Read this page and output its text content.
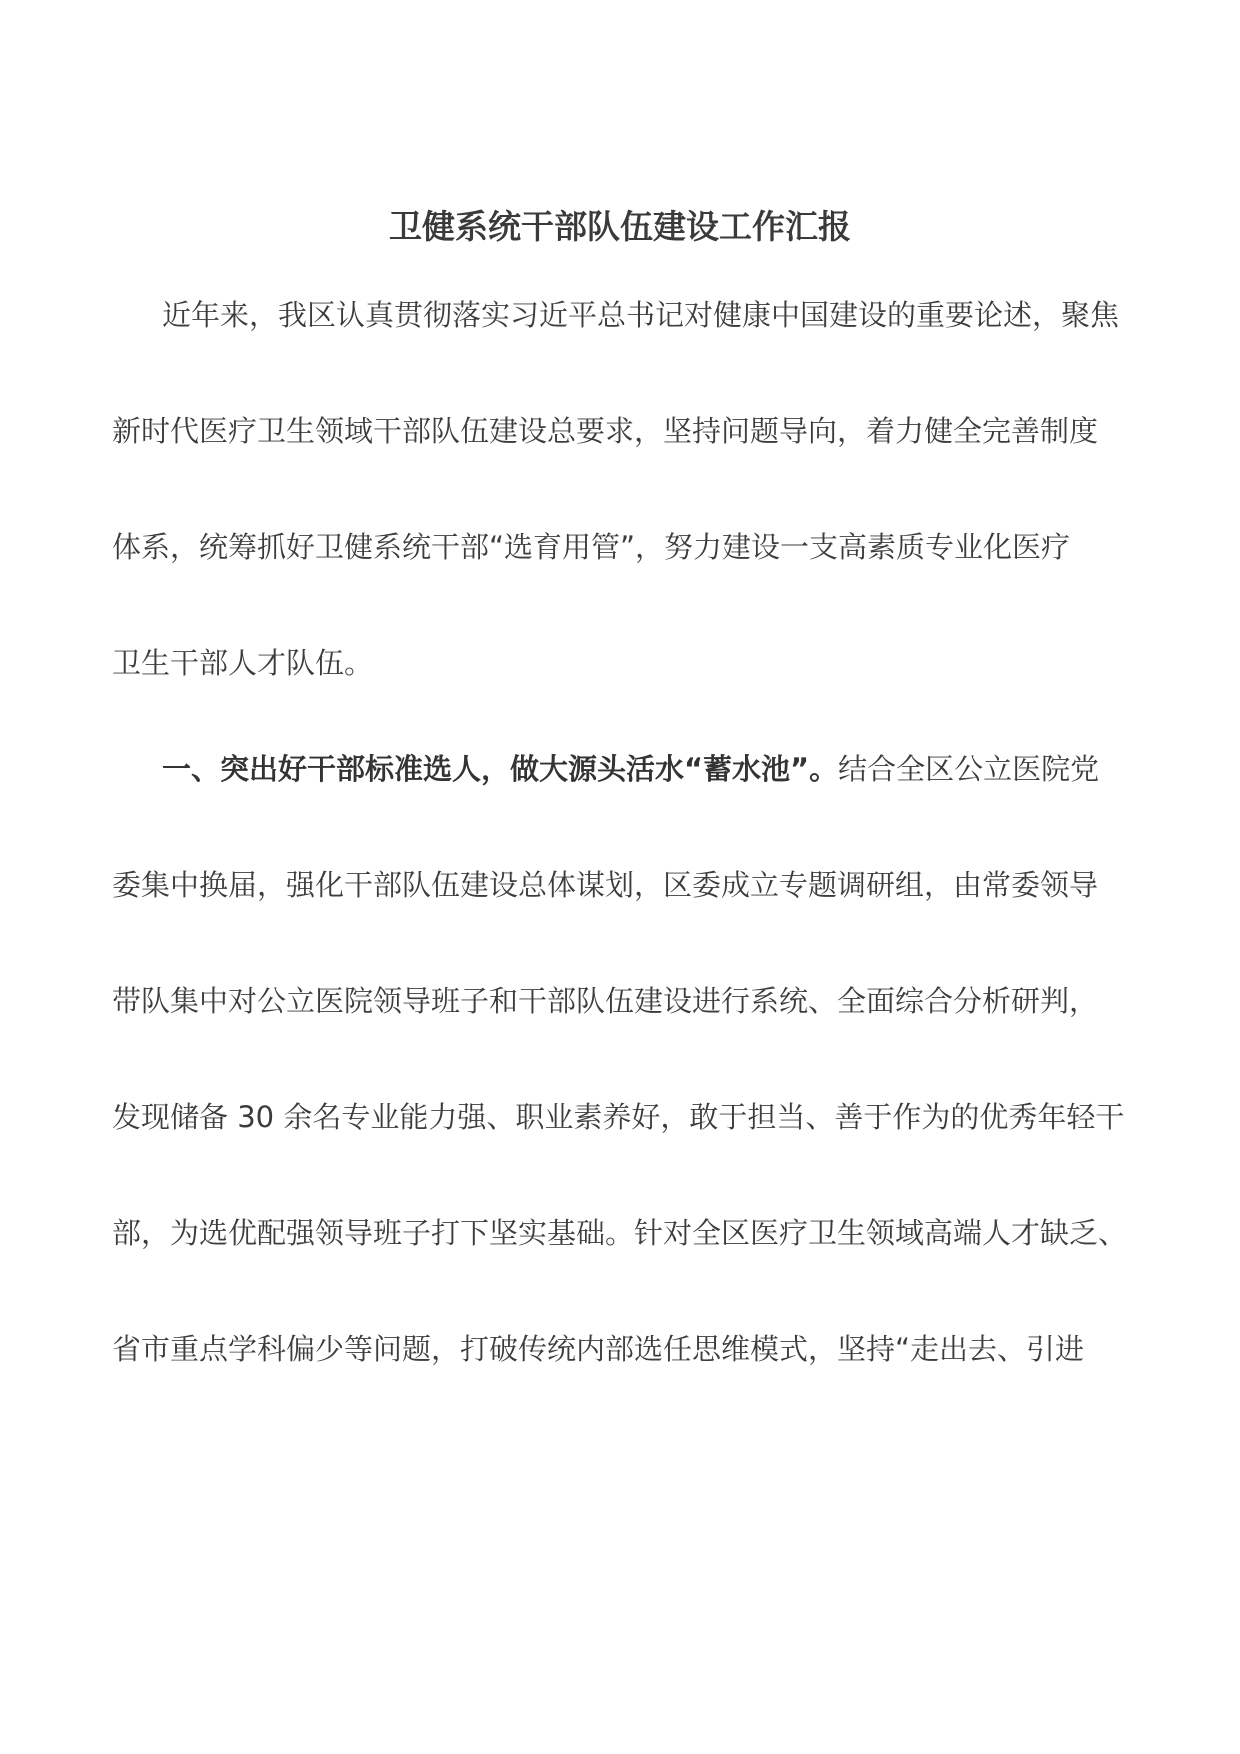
卫健系统干部队伍建设工作汇报

近年来，我区认真贯彻落实习近平总书记对健康中国建设的重要论述，聚焦

新时代医疗卫生领域干部队伍建设总要求，坚持问题导向，着力健全完善制度

体系，统筹抓好卫健系统干部“选育用管”，努力建设一支高素质专业化医疗

卫生干部人才队伍。

一、突出好干部标准选人，做大源头活水“蓄水池”。结合全区公立医院党

委集中换届，强化干部队伍建设总体谋划，区委成立专题调研组，由常委领导

带队集中对公立医院领导班子和干部队伍建设进行系统、全面综合分析研判，

发现储备 30 余名专业能力强、职业素养好，敢于担当、善于作为的优秀年轻干

部，为选优配强领导班子打下坚实基础。针对全区医疗卫生领域高端人才缺乏、

省市重点学科偏少等问题，打破传统内部选任思维模式，坚持“走出去、引进
